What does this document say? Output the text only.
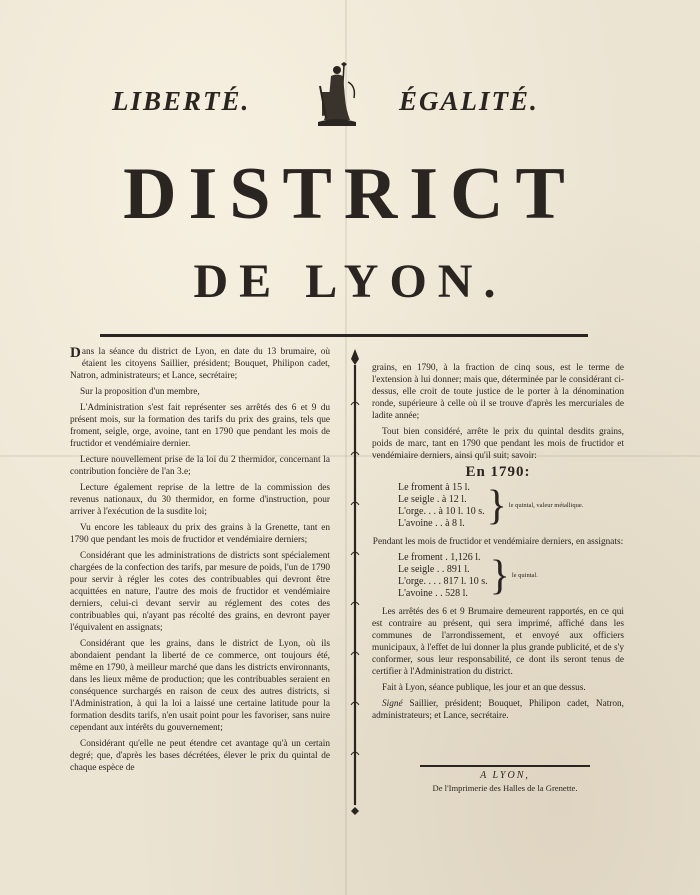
LIBERTÉ.	ÉGALITÉ.
DISTRICT
DE LYON.

Dans la séance du district de Lyon, en date du 13 brumaire, où étaient les citoyens Saillier, président; Bouquet, Philipon cadet, Natron, administrateurs; et Lance, secrétaire;

Sur la proposition d'un membre,

L'Administration s'est fait représenter ses arrêtés des 6 et 9 du présent mois, sur la formation des tarifs du prix des grains, tels que froment, seigle, orge, avoine, tant en 1790 que pendant les mois de fructidor et vendémiaire dernier.

Lecture nouvellement prise de la loi du 2 thermidor, concernant la contribution foncière de l'an 3.e;

Lecture également reprise de la lettre de la commission des revenus nationaux, du 30 thermidor, en forme d'instruction, pour arriver à l'exécution de la susdite loi;

Vu encore les tableaux du prix des grains à la Grenette, tant en 1790 que pendant les mois de fructidor et vendémiaire derniers;

Considérant que les administrations de districts sont spécialement chargées de la confection des tarifs, par mesure de poids, l'un de 1790 pour servir à régler les cotes des contribuables qui devront être acquittées en nature, l'autre des mois de fructidor et vendémiaire derniers, celui-ci devant servir au réglement des cotes des contribuables qui, n'ayant pas récolté des grains, en devront payer l'équivalent en assignats;

Considérant que les grains, dans le district de Lyon, où ils abondaient pendant la liberté de ce commerce, ont toujours été, même en 1790, à meilleur marché que dans les districts environnants, dans les lieux même de production; que les contribuables seraient en conséquence surchargés en raison de ceux des autres districts, si l'Administration, à qui la loi a laissé une certaine latitude pour la formation desdits tarifs, n'en usait point pour les favoriser, sans nuire cependant aux intérêts du gouvernement;

Considérant qu'elle ne peut étendre cet avantage qu'à un certain degré; que, d'après les bases décrétées, élever le prix du quintal de chaque espèce de

grains, en 1790, à la fraction de cinq sous, est le terme de l'extension à lui donner; mais que, déterminée par le considérant ci-dessus, elle croit de toute justice de le porter à la dénomination ronde, supérieure à celle où il se trouve d'après les mercuriales de ladite année;

Tout bien considéré, arrête le prix du quintal desdits grains, poids de marc, tant en 1790 que pendant les mois de fructidor et vendémiaire derniers, ainsi qu'il suit; savoir:

En 1790:
Le froment à 15 l.
Le seigle . à 12 l.
L'orge. . . à 10 l. 10 s.
L'avoine . . à 8 l. } le quintal, valeur métallique.

Pendant les mois de fructidor et vendémiaire derniers, en assignats:

Le froment . 1,126 l.
Le seigle . . 891 l.
L'orge. . . . 817 l. 10 s.
L'avoine . . 528 l. } le quintal.

Les arrêtés des 6 et 9 Brumaire demeurent rapportés, en ce qui est contraire au présent, qui sera imprimé, affiché dans les communes de l'arrondissement, et envoyé aux officiers municipaux, à l'effet de lui donner la plus grande publicité, et de s'y conformer, sous leur responsabilité, ce dont ils seront tenus de certifier à l'Administration du district.

Fait à Lyon, séance publique, les jour et an que dessus.

Signé Saillier, président; Bouquet, Philipon cadet, Natron, administrateurs; et Lance, secrétaire.

A LYON,
De l'Imprimerie des Halles de la Grenette.
​
